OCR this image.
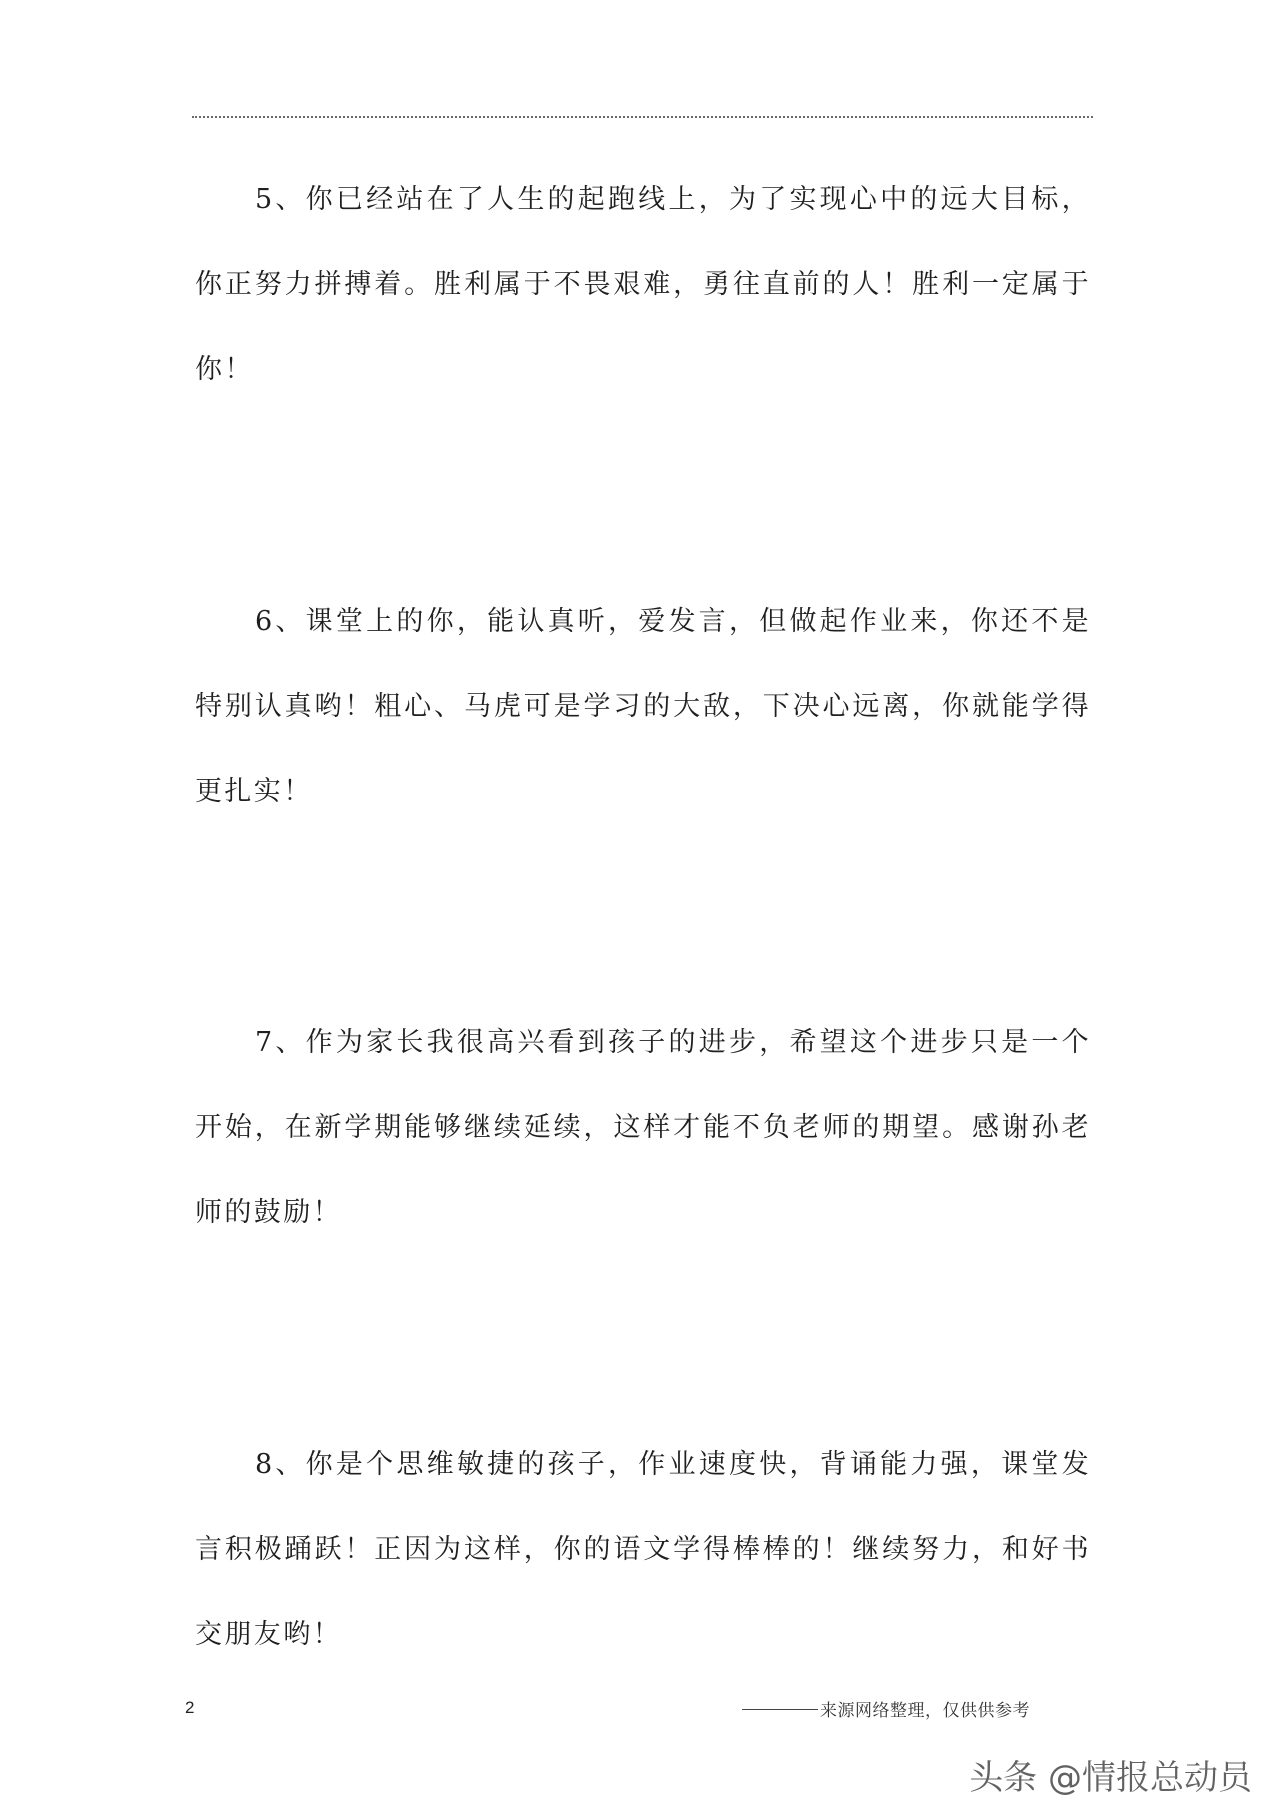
5、你已经站在了人生的起跑线上，为了实现心中的远大目标，你正努力拼搏着。胜利属于不畏艰难，勇往直前的人！胜利一定属于你！

6、课堂上的你，能认真听，爱发言，但做起作业来，你还不是特别认真哟！粗心、马虎可是学习的大敌，下决心远离，你就能学得更扎实！

7、作为家长我很高兴看到孩子的进步，希望这个进步只是一个开始，在新学期能够继续延续，这样才能不负老师的期望。感谢孙老师的鼓励！

8、你是个思维敏捷的孩子，作业速度快，背诵能力强，课堂发言积极踊跃！正因为这样，你的语文学得棒棒的！继续努力，和好书交朋友哟！

2	来源网络整理，仅供供参考
头条 @情报总动员
